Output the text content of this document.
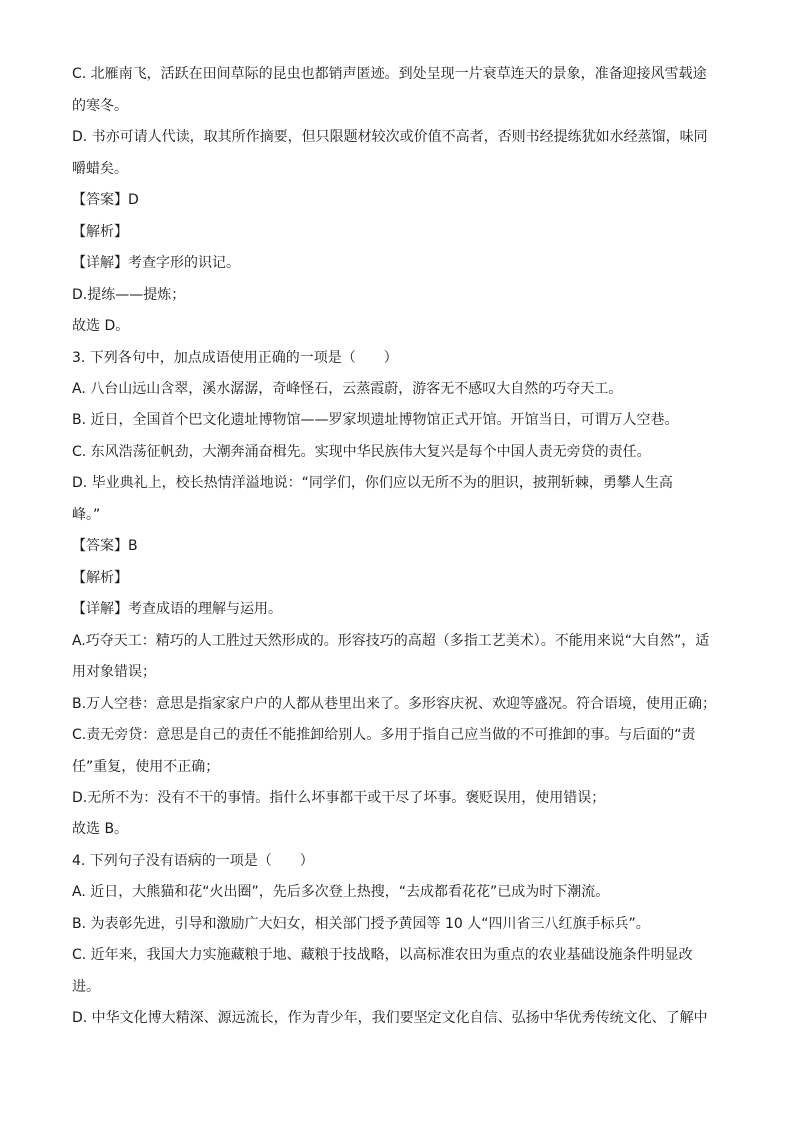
C. 北雁南飞，活跃在田间草际的昆虫也都销声匿迹。到处呈现一片衰草连天的景象，准备迎接风雪载途
的寒冬。
D. 书亦可请人代读，取其所作摘要，但只限题材较次或价值不高者，否则书经提练犹如水经蒸馏，味同
嚼蜡矣。
【答案】D
【解析】
【详解】考查字形的识记。
D.提练——提炼；
故选 D。
3. 下列各句中，加点成语使用正确的一项是（　　）
A. 八台山远山含翠，溪水潺潺，奇峰怪石，云蒸霞蔚，游客无不感叹大自然的巧夺天工。
B. 近日，全国首个巴文化遗址博物馆——罗家坝遗址博物馆正式开馆。开馆当日，可谓万人空巷。
C. 东风浩荡征帆劲，大潮奔涌奋楫先。实现中华民族伟大复兴是每个中国人责无旁贷的责任。
D. 毕业典礼上，校长热情洋溢地说：“同学们，你们应以无所不为的胆识，披荆斩棘，勇攀人生高
峰。”
【答案】B
【解析】
【详解】考查成语的理解与运用。
A.巧夺天工：精巧的人工胜过天然形成的。形容技巧的高超（多指工艺美术）。不能用来说“大自然”，适
用对象错误；
B.万人空巷：意思是指家家户户的人都从巷里出来了。多形容庆祝、欢迎等盛况。符合语境，使用正确；
C.责无旁贷：意思是自己的责任不能推卸给别人。多用于指自己应当做的不可推卸的事。与后面的“责
任”重复，使用不正确；
D.无所不为：没有不干的事情。指什么坏事都干或干尽了坏事。褒贬误用，使用错误；
故选 B。
4. 下列句子没有语病的一项是（　　）
A. 近日，大熊猫和花“火出圈”，先后多次登上热搜，“去成都看花花”已成为时下潮流。
B. 为表彰先进，引导和激励广大妇女，相关部门授予黄园等 10 人“四川省三八红旗手标兵”。
C. 近年来，我国大力实施藏粮于地、藏粮于技战略，以高标准农田为重点的农业基础设施条件明显改
进。
D. 中华文化博大精深、源远流长，作为青少年，我们要坚定文化自信、弘扬中华优秀传统文化、了解中
